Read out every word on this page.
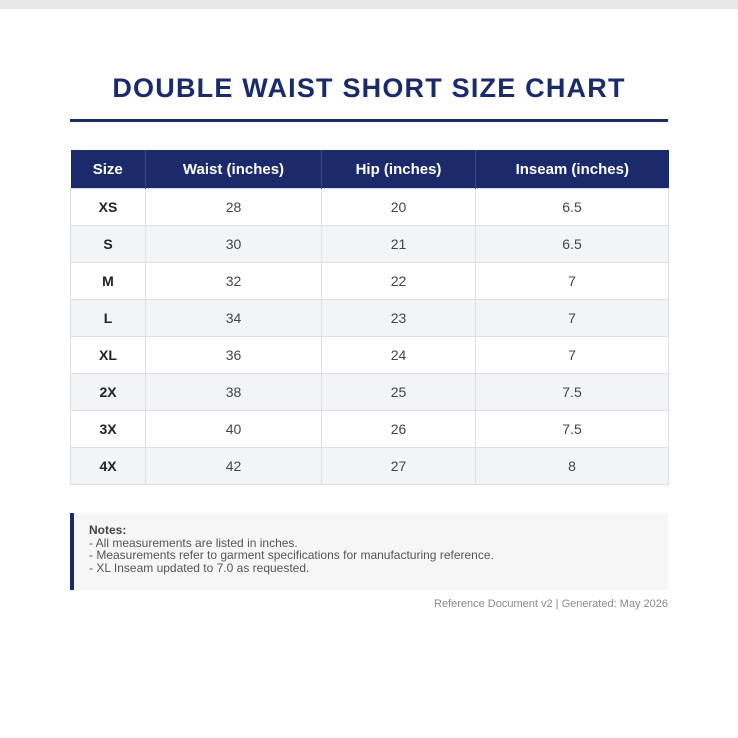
DOUBLE WAIST SHORT SIZE CHART
Size	Waist (inches)	Hip (inches)	Inseam (inches)
XS	28	20	6.5
S	30	21	6.5
M	32	22	7
L	34	23	7
XL	36	24	7
2X	38	25	7.5
3X	40	26	7.5
4X	42	27	8
Notes:
- All measurements are listed in inches.
- Measurements refer to garment specifications for manufacturing reference.
- XL Inseam updated to 7.0 as requested.
Reference Document v2 | Generated: May 2026
